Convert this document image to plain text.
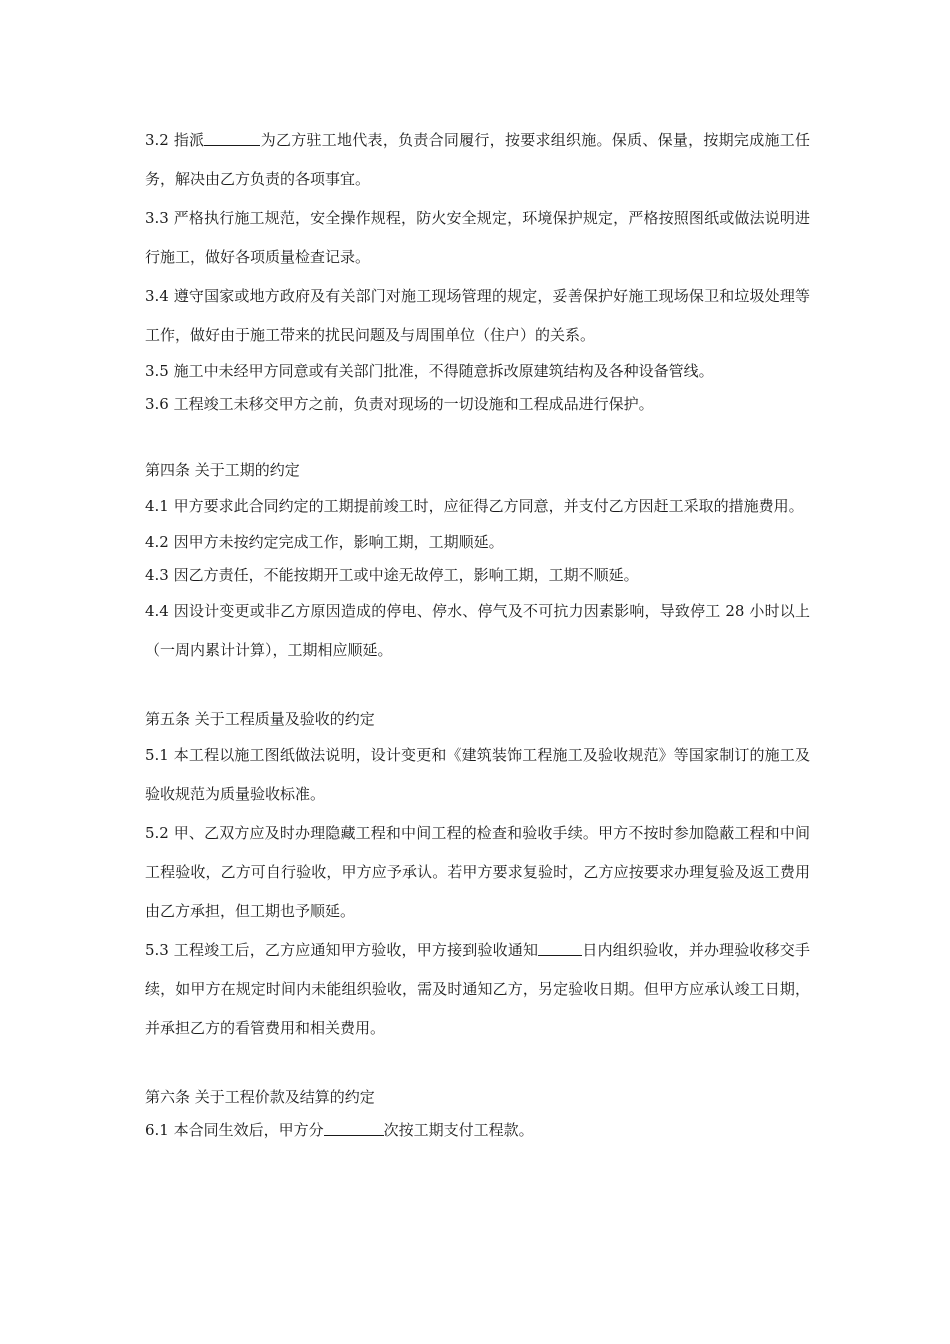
3.2 指派	为乙方驻工地代表，负责合同履行，按要求组织施。保质、保量，按期完成施工任务，解决由乙方负责的各项事宜。

3.3 严格执行施工规范，安全操作规程，防火安全规定，环境保护规定，严格按照图纸或做法说明进行施工，做好各项质量检查记录。

3.4 遵守国家或地方政府及有关部门对施工现场管理的规定，妥善保护好施工现场保卫和垃圾处理等工作，做好由于施工带来的扰民问题及与周围单位（住户）的关系。

3.5 施工中未经甲方同意或有关部门批准，不得随意拆改原建筑结构及各种设备管线。

3.6 工程竣工未移交甲方之前，负责对现场的一切设施和工程成品进行保护。

第四条 关于工期的约定

4.1 甲方要求此合同约定的工期提前竣工时，应征得乙方同意，并支付乙方因赶工采取的措施费用。

4.2 因甲方未按约定完成工作，影响工期，工期顺延。

4.3 因乙方责任，不能按期开工或中途无故停工，影响工期，工期不顺延。

4.4 因设计变更或非乙方原因造成的停电、停水、停气及不可抗力因素影响，导致停工 28 小时以上（一周内累计计算），工期相应顺延。

第五条 关于工程质量及验收的约定

5.1 本工程以施工图纸做法说明，设计变更和《建筑装饰工程施工及验收规范》等国家制订的施工及验收规范为质量验收标准。

5.2 甲、乙双方应及时办理隐藏工程和中间工程的检查和验收手续。甲方不按时参加隐蔽工程和中间工程验收，乙方可自行验收，甲方应予承认。若甲方要求复验时，乙方应按要求办理复验及返工费用由乙方承担，但工期也予顺延。

5.3 工程竣工后，乙方应通知甲方验收，甲方接到验收通知	日内组织验收，并办理验收移交手续，如甲方在规定时间内未能组织验收，需及时通知乙方，另定验收日期。但甲方应承认竣工日期，并承担乙方的看管费用和相关费用。

第六条 关于工程价款及结算的约定

6.1 本合同生效后，甲方分	次按工期支付工程款。
